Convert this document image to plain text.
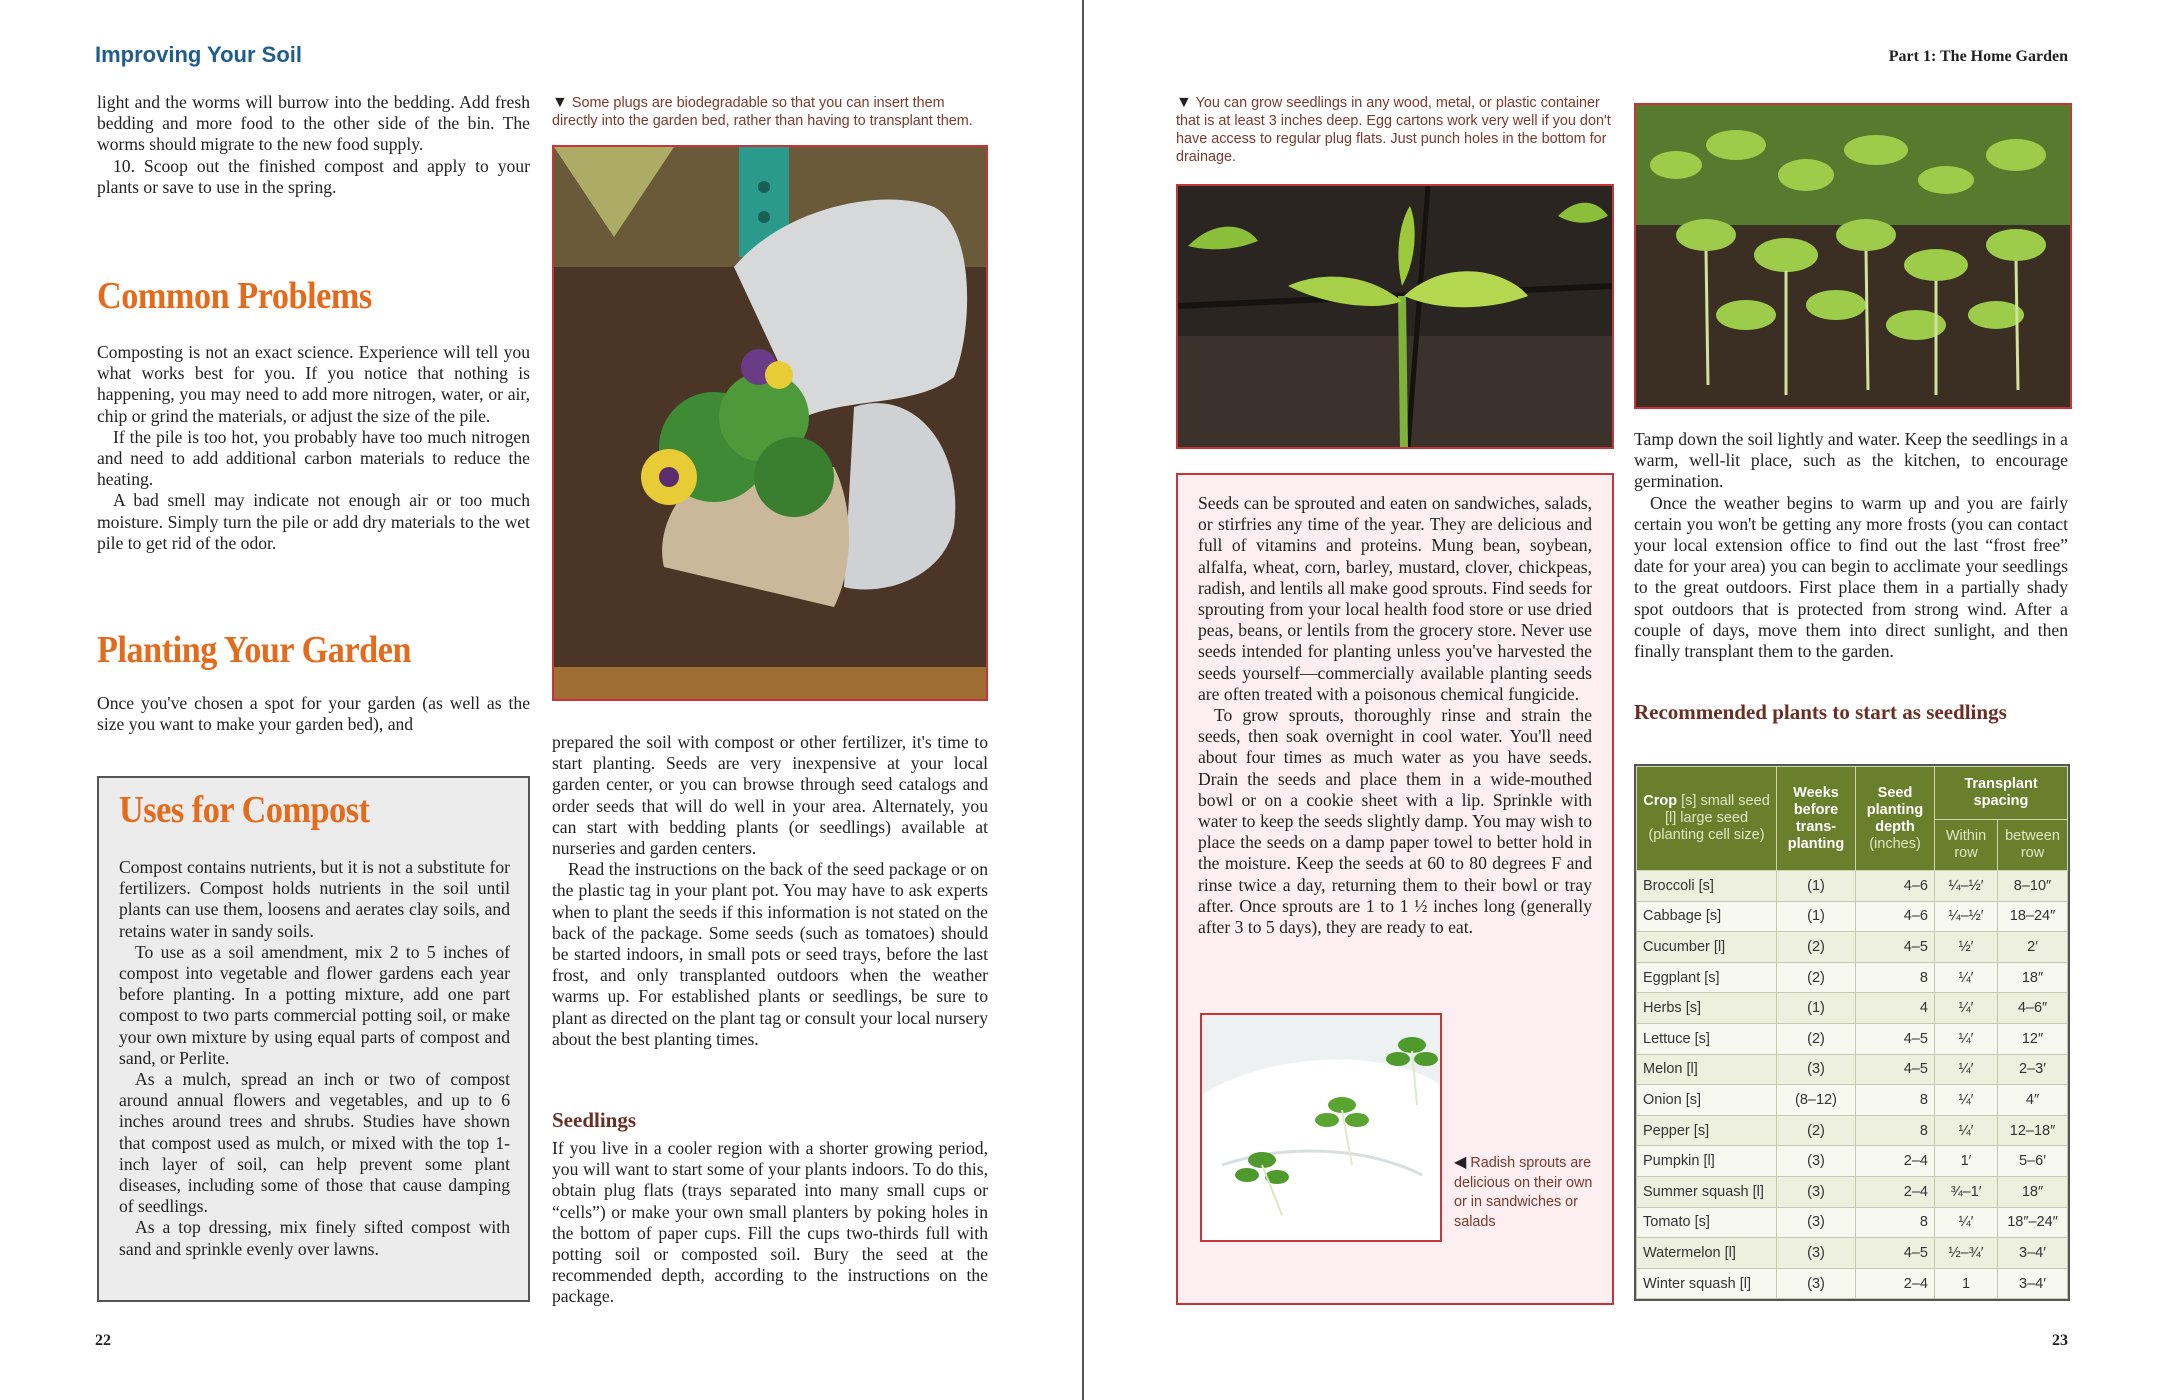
Improving Your Soil

light and the worms will burrow into the bedding. Add fresh bedding and more food to the other side of the bin. The worms should migrate to the new food supply.

10. Scoop out the finished compost and apply to your plants or save to use in the spring.

Common Problems

Composting is not an exact science. Experience will tell you what works best for you. If you notice that nothing is happening, you may need to add more nitrogen, water, or air, chip or grind the materials, or adjust the size of the pile.

If the pile is too hot, you probably have too much nitrogen and need to add additional carbon materials to reduce the heating.

A bad smell may indicate not enough air or too much moisture. Simply turn the pile or add dry materials to the wet pile to get rid of the odor.

Planting Your Garden

Once you've chosen a spot for your garden (as well as the size you want to make your garden bed), and

Uses for Compost

Compost contains nutrients, but it is not a substitute for fertilizers. Compost holds nutrients in the soil until plants can use them, loosens and aerates clay soils, and retains water in sandy soils.

To use as a soil amendment, mix 2 to 5 inches of compost into vegetable and flower gardens each year before planting. In a potting mixture, add one part compost to two parts commercial potting soil, or make your own mixture by using equal parts of compost and sand, or Perlite.

As a mulch, spread an inch or two of compost around annual flowers and vegetables, and up to 6 inches around trees and shrubs. Studies have shown that compost used as mulch, or mixed with the top 1-inch layer of soil, can help prevent some plant diseases, including some of those that cause damping of seedlings.

As a top dressing, mix finely sifted compost with sand and sprinkle evenly over lawns.

▼ Some plugs are biodegradable so that you can insert them directly into the garden bed, rather than having to transplant them.

prepared the soil with compost or other fertilizer, it's time to start planting. Seeds are very inexpensive at your local garden center, or you can browse through seed catalogs and order seeds that will do well in your area. Alternately, you can start with bedding plants (or seedlings) available at nurseries and garden centers.

Read the instructions on the back of the seed package or on the plastic tag in your plant pot. You may have to ask experts when to plant the seeds if this information is not stated on the back of the package. Some seeds (such as tomatoes) should be started indoors, in small pots or seed trays, before the last frost, and only transplanted outdoors when the weather warms up. For established plants or seedlings, be sure to plant as directed on the plant tag or consult your local nursery about the best planting times.

Seedlings

If you live in a cooler region with a shorter growing period, you will want to start some of your plants indoors. To do this, obtain plug flats (trays separated into many small cups or “cells”) or make your own small planters by poking holes in the bottom of paper cups. Fill the cups two-thirds full with potting soil or composted soil. Bury the seed at the recommended depth, according to the instructions on the package.

22
Part 1: The Home Garden
▼ You can grow seedlings in any wood, metal, or plastic container that is at least 3 inches deep. Egg cartons work very well if you don't have access to regular plug flats. Just punch holes in the bottom for drainage.

Tamp down the soil lightly and water. Keep the seedlings in a warm, well-lit place, such as the kitchen, to encourage germination.

Once the weather begins to warm up and you are fairly certain you won't be getting any more frosts (you can contact your local extension office to find out the last “frost free” date for your area) you can begin to acclimate your seedlings to the great outdoors. First place them in a partially shady spot outdoors that is protected from strong wind. After a couple of days, move them into direct sunlight, and then finally transplant them to the garden.

Recommended plants to start as seedlings
Crop [s] small seed [l] large seed (planting cell size)	Weeks before trans-planting	Seed planting depth
(inches)	Transplant spacing	
			Within row	between row
Broccoli [s]	(1)	4–6	¼–½′	8–10″
Cabbage [s]	(1)	4–6	¼–½′	18–24″
Cucumber [l]	(2)	4–5	½′	2′
Eggplant [s]	(2)	8	¼′	18″
Herbs [s]	(1)	4	¼′	4–6″
Lettuce [s]	(2)	4–5	¼′	12″
Melon [l]	(3)	4–5	¼′	2–3′
Onion [s]	(8–12)	8	¼′	4″
Pepper [s]	(2)	8	¼′	12–18″
Pumpkin [l]	(3)	2–4	1′	5–6′
Summer squash [l]	(3)	2–4	¾–1′	18″
Tomato [s]	(3)	8	¼′	18″–24″
Watermelon [l]	(3)	4–5	½–¾′	3–4′
Winter squash [l]	(3)	2–4	1	3–4′

Seeds can be sprouted and eaten on sandwiches, salads, or stirfries any time of the year. They are delicious and full of vitamins and proteins. Mung bean, soybean, alfalfa, wheat, corn, barley, mustard, clover, chickpeas, radish, and lentils all make good sprouts. Find seeds for sprouting from your local health food store or use dried peas, beans, or lentils from the grocery store. Never use seeds intended for planting unless you've harvested the seeds yourself—commercially available planting seeds are often treated with a poisonous chemical fungicide.

To grow sprouts, thoroughly rinse and strain the seeds, then soak overnight in cool water. You'll need about four times as much water as you have seeds. Drain the seeds and place them in a wide-mouthed bowl or on a cookie sheet with a lip. Sprinkle with water to keep the seeds slightly damp. You may wish to place the seeds on a damp paper towel to better hold in the moisture. Keep the seeds at 60 to 80 degrees F and rinse twice a day, returning them to their bowl or tray after. Once sprouts are 1 to 1 ½ inches long (generally after 3 to 5 days), they are ready to eat.

◀ Radish sprouts are delicious on their own or in sandwiches or salads
23
